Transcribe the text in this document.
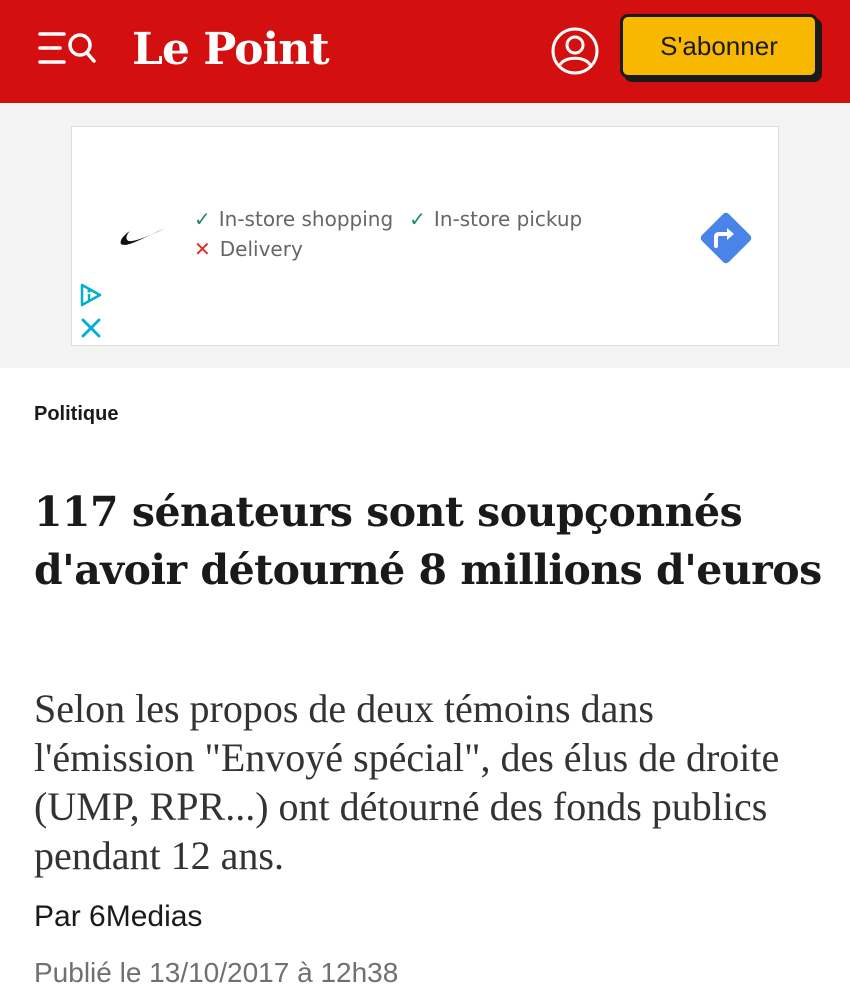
Le Point	S'abonner
✓ In-store shopping ✓ In-store pickup
✕ Delivery
Politique
117 sénateurs sont soupçonnés d'avoir détourné 8 millions d'euros

Selon les propos de deux témoins dans l'émission "Envoyé spécial", des élus de droite (UMP, RPR...) ont détourné des fonds publics pendant 12 ans.

Par 6Medias
Publié le 13/10/2017 à 12h38
